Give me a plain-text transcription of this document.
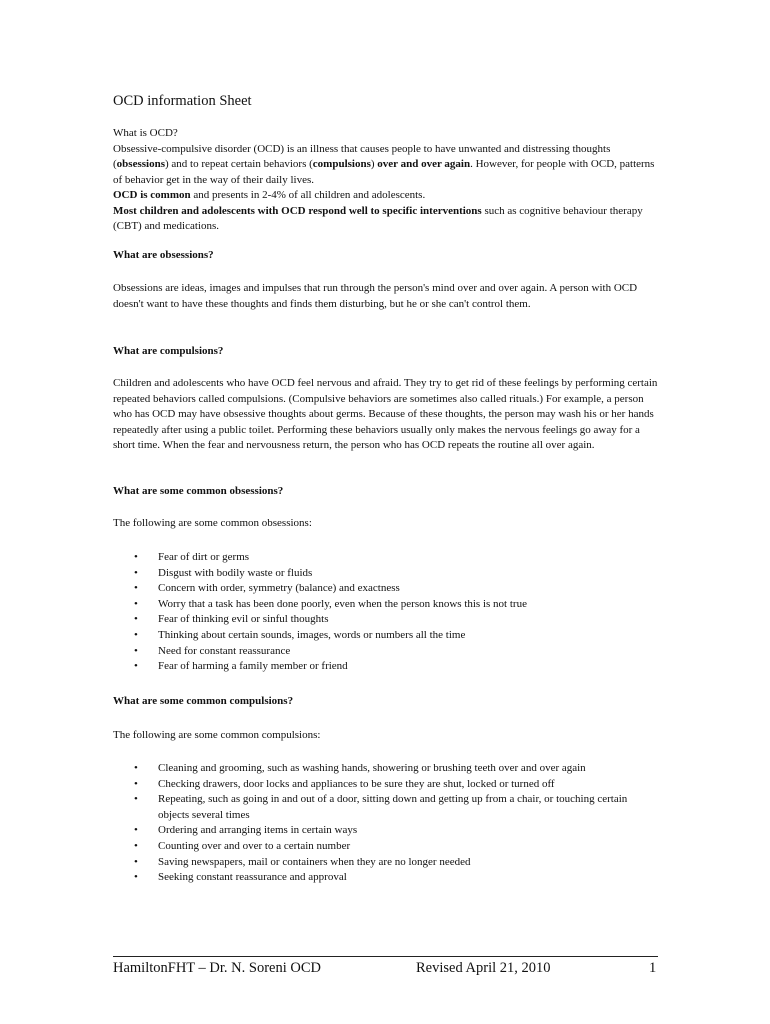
OCD information Sheet

What is OCD?
Obsessive-compulsive disorder (OCD) is an illness that causes people to have unwanted and distressing thoughts (obsessions) and to repeat certain behaviors (compulsions) over and over again. However, for people with OCD, patterns of behavior get in the way of their daily lives.
OCD is common and presents in 2-4% of all children and adolescents.
Most children and adolescents with OCD respond well to specific interventions such as cognitive behaviour therapy (CBT) and medications.

What are obsessions?

Obsessions are ideas, images and impulses that run through the person's mind over and over again. A person with OCD doesn't want to have these thoughts and finds them disturbing, but he or she can't control them.

What are compulsions?

Children and adolescents who have OCD feel nervous and afraid. They try to get rid of these feelings by performing certain repeated behaviors called compulsions. (Compulsive behaviors are sometimes also called rituals.) For example, a person who has OCD may have obsessive thoughts about germs. Because of these thoughts, the person may wash his or her hands repeatedly after using a public toilet. Performing these behaviors usually only makes the nervous feelings go away for a short time. When the fear and nervousness return, the person who has OCD repeats the routine all over again.

What are some common obsessions?
The following are some common obsessions:
• Fear of dirt or germs
• Disgust with bodily waste or fluids
• Concern with order, symmetry (balance) and exactness
• Worry that a task has been done poorly, even when the person knows this is not true
• Fear of thinking evil or sinful thoughts
• Thinking about certain sounds, images, words or numbers all the time
• Need for constant reassurance
• Fear of harming a family member or friend
What are some common compulsions?
The following are some common compulsions:
• Cleaning and grooming, such as washing hands, showering or brushing teeth over and over again
• Checking drawers, door locks and appliances to be sure they are shut, locked or turned off
• Repeating, such as going in and out of a door, sitting down and getting up from a chair, or touching certain objects several times
• Ordering and arranging items in certain ways
• Counting over and over to a certain number
• Saving newspapers, mail or containers when they are no longer needed
• Seeking constant reassurance and approval
HamiltonFHT – Dr. N. Soreni OCD	Revised April 21, 2010	1
